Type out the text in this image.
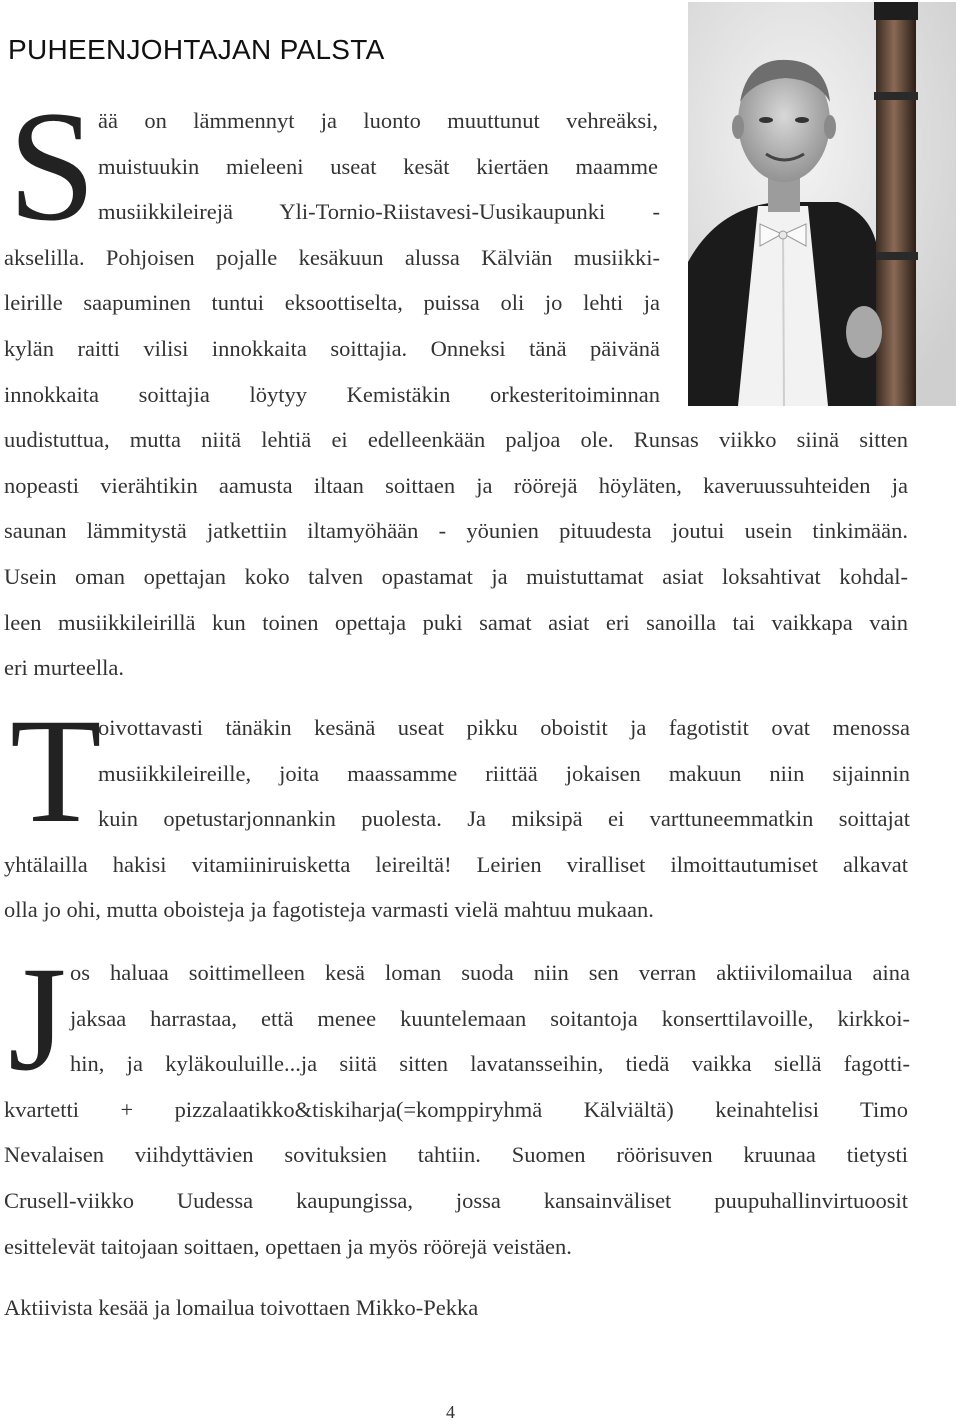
PUHEENJOHTAJAN PALSTA
S ää on lämmennyt ja luonto muuttunut vehreäksi,
muistuukin mieleeni useat kesät kiertäen maamme
musiikkileirejä Yli-Tornio-Riistavesi-Uusikaupunki -
akselilla. Pohjoisen pojalle kesäkuun alussa Kälviän musiikki-
leirille saapuminen tuntui eksoottiselta, puissa oli jo lehti ja
kylän raitti vilisi innokkaita soittajia. Onneksi tänä päivänä
innokkaita soittajia löytyy Kemistäkin orkesteritoiminnan
uudistuttua, mutta niitä lehtiä ei edelleenkään paljoa ole. Runsas viikko siinä sitten
nopeasti vierähtikin aamusta iltaan soittaen ja röörejä höyläten, kaveruussuhteiden ja
saunan lämmitystä jatkettiin iltamyöhään - yöunien pituudesta joutui usein tinkimään.
Usein oman opettajan koko talven opastamat ja muistuttamat asiat loksahtivat kohdal-
leen musiikkileirillä kun toinen opettaja puki samat asiat eri sanoilla tai vaikkapa vain
eri murteella.
T
oivottavasti tänäkin kesänä useat pikku oboistit ja fagotistit ovat menossa
musiikkileireille, joita maassamme riittää jokaisen makuun niin sijainnin
kuin opetustarjonnankin puolesta. Ja miksipä ei varttuneemmatkin soittajat
yhtälailla hakisi vitamiiniruisketta leireiltä! Leirien viralliset ilmoittautumiset alkavat
olla jo ohi, mutta oboisteja ja fagotisteja varmasti vielä mahtuu mukaan.
J os haluaa soittimelleen kesä loman suoda niin sen verran aktiivilomailua aina
jaksaa harrastaa, että menee kuuntelemaan soitantoja konserttilavoille, kirkkoi-
hin, ja kyläkouluille...ja siitä sitten lavatansseihin, tiedä vaikka siellä fagotti-
kvartetti + pizzalaatikko&tiskiharja(=komppiryhmä Kälviältä) keinahtelisi Timo
Nevalaisen viihdyttävien sovituksien tahtiin. Suomen röörisuven kruunaa tietysti
Crusell-viikko Uudessa kaupungissa, jossa kansainväliset puupuhallinvirtuoosit
esittelevät taitojaan soittaen, opettaen ja myös röörejä veistäen.
Aktiivista kesää ja lomailua toivottaen Mikko-Pekka
4
